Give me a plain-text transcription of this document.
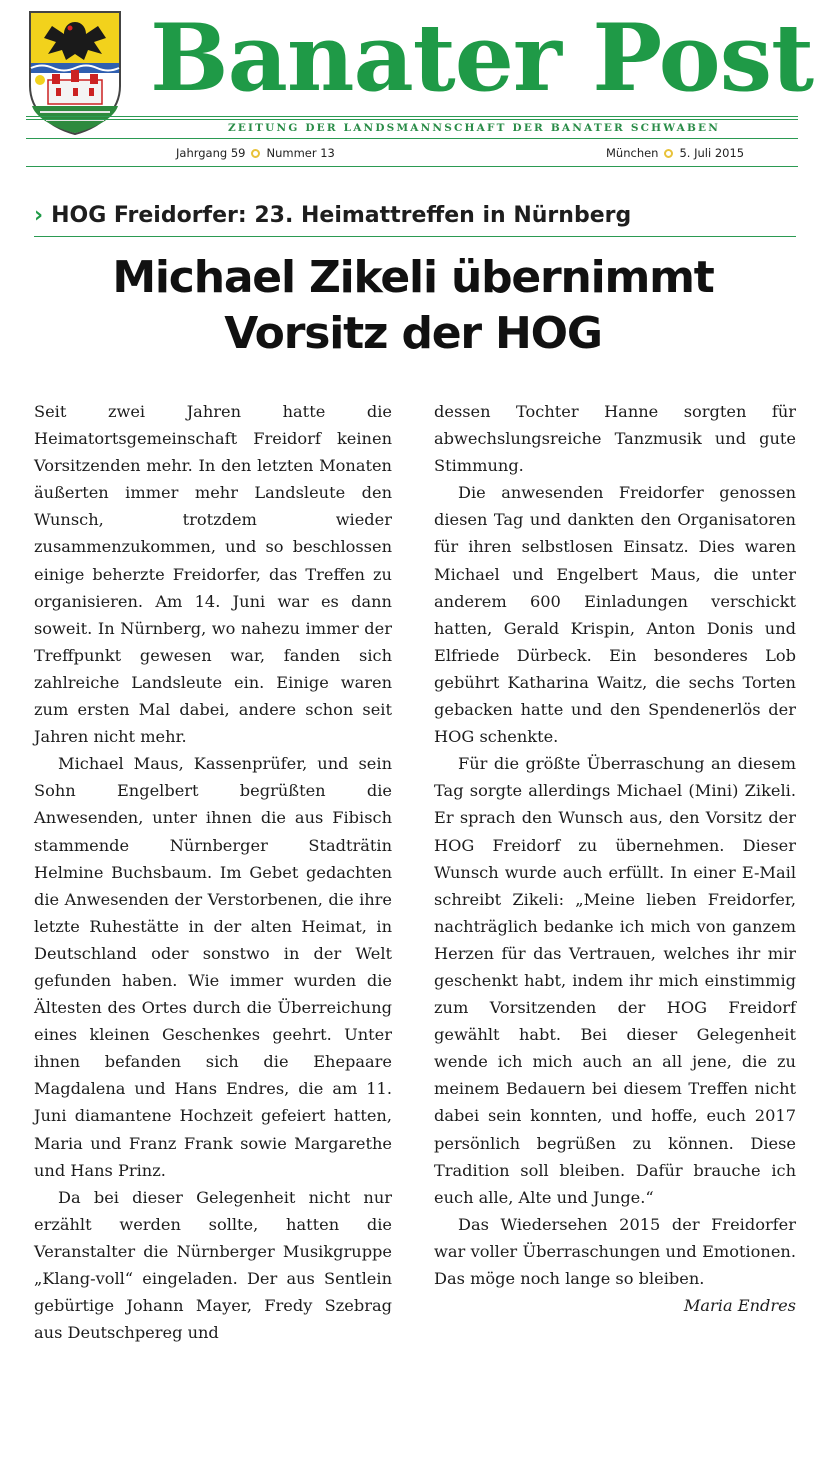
Banater Post
ZEITUNG DER LANDSMANNSCHAFT DER BANATER SCHWABEN
Jahrgang 59 Nummer 13	München 5. Juli 2015
› HOG Freidorfer: 23. Heimattreffen in Nürnberg
Michael Zikeli übernimmt
Vorsitz der HOG

Seit zwei Jahren hatte die Heimatortsgemeinschaft Freidorf keinen Vorsitzenden mehr. In den letzten Monaten äußerten immer mehr Landsleute den Wunsch, trotzdem wieder zusammenzukommen, und so beschlossen einige beherzte Freidorfer, das Treffen zu organisieren. Am 14. Juni war es dann soweit. In Nürnberg, wo nahezu immer der Treffpunkt gewesen war, fanden sich zahlreiche Landsleute ein. Einige waren zum ersten Mal dabei, andere schon seit Jahren nicht mehr.

Michael Maus, Kassenprüfer, und sein Sohn Engelbert begrüßten die Anwesenden, unter ihnen die aus Fibisch stammende Nürnberger Stadträtin Helmine Buchsbaum. Im Gebet gedachten die Anwesenden der Verstorbenen, die ihre letzte Ruhestätte in der alten Heimat, in Deutschland oder sonstwo in der Welt gefunden haben. Wie immer wurden die Ältesten des Ortes durch die Überreichung eines kleinen Geschenkes geehrt. Unter ihnen befanden sich die Ehepaare Magdalena und Hans Endres, die am 11. Juni diamantene Hochzeit gefeiert hatten, Maria und Franz Frank sowie Margarethe und Hans Prinz.

Da bei dieser Gelegenheit nicht nur erzählt werden sollte, hatten die Veranstalter die Nürnberger Musikgruppe „Klang-voll“ eingeladen. Der aus Sentlein gebürtige Johann Mayer, Fredy Szebrag aus Deutschpereg und

dessen Tochter Hanne sorgten für abwechslungsreiche Tanzmusik und gute Stimmung.

Die anwesenden Freidorfer genossen diesen Tag und dankten den Organisatoren für ihren selbstlosen Einsatz. Dies waren Michael und Engelbert Maus, die unter anderem 600 Einladungen verschickt hatten, Gerald Krispin, Anton Donis und Elfriede Dürbeck. Ein besonderes Lob gebührt Katharina Waitz, die sechs Torten gebacken hatte und den Spendenerlös der HOG schenkte.

Für die größte Überraschung an diesem Tag sorgte allerdings Michael (Mini) Zikeli. Er sprach den Wunsch aus, den Vorsitz der HOG Freidorf zu übernehmen. Dieser Wunsch wurde auch erfüllt. In einer E-Mail schreibt Zikeli: „Meine lieben Freidorfer, nachträglich bedanke ich mich von ganzem Herzen für das Vertrauen, welches ihr mir geschenkt habt, indem ihr mich einstimmig zum Vorsitzenden der HOG Freidorf gewählt habt. Bei dieser Gelegenheit wende ich mich auch an all jene, die zu meinem Bedauern bei diesem Treffen nicht dabei sein konnten, und hoffe, euch 2017 persönlich begrüßen zu können. Diese Tradition soll bleiben. Dafür brauche ich euch alle, Alte und Junge.“

Das Wiedersehen 2015 der Freidorfer war voller Überraschungen und Emotionen. Das möge noch lange so bleiben.
Maria Endres
